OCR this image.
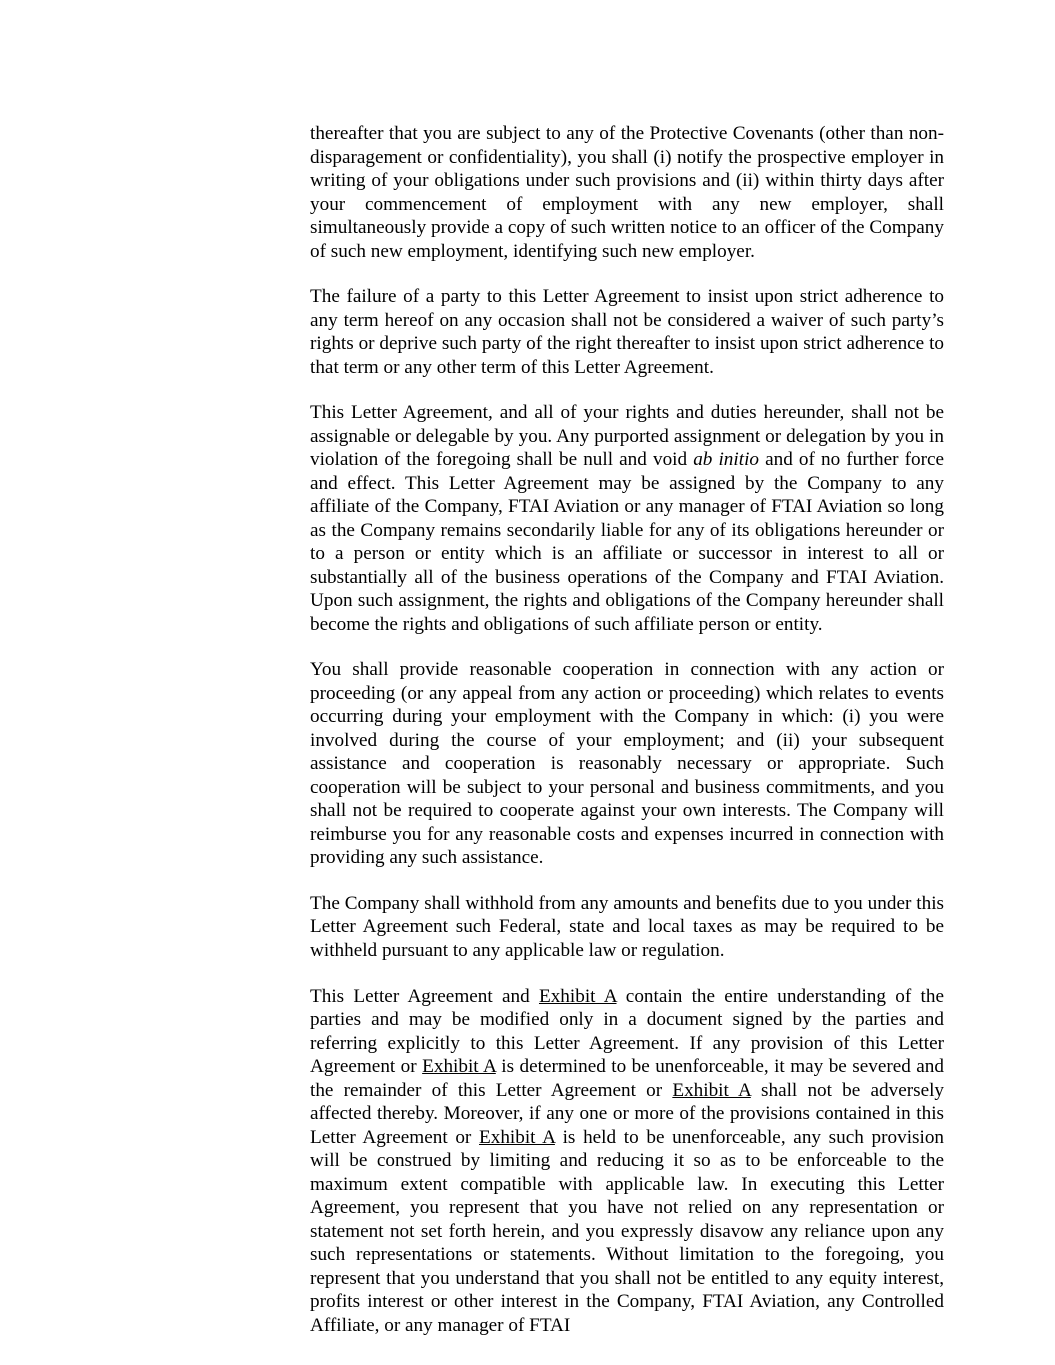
thereafter that you are subject to any of the Protective Covenants (other than non-disparagement or confidentiality), you shall (i) notify the prospective employer in writing of your obligations under such provisions and (ii) within thirty days after your commencement of employment with any new employer, shall simultaneously provide a copy of such written notice to an officer of the Company of such new employment, identifying such new employer.

The failure of a party to this Letter Agreement to insist upon strict adherence to any term hereof on any occasion shall not be considered a waiver of such party’s rights or deprive such party of the right thereafter to insist upon strict adherence to that term or any other term of this Letter Agreement.

This Letter Agreement, and all of your rights and duties hereunder, shall not be assignable or delegable by you. Any purported assignment or delegation by you in violation of the foregoing shall be null and void ab initio and of no further force and effect. This Letter Agreement may be assigned by the Company to any affiliate of the Company, FTAI Aviation or any manager of FTAI Aviation so long as the Company remains secondarily liable for any of its obligations hereunder or to a person or entity which is an affiliate or successor in interest to all or substantially all of the business operations of the Company and FTAI Aviation. Upon such assignment, the rights and obligations of the Company hereunder shall become the rights and obligations of such affiliate person or entity.

You shall provide reasonable cooperation in connection with any action or proceeding (or any appeal from any action or proceeding) which relates to events occurring during your employment with the Company in which: (i) you were involved during the course of your employment; and (ii) your subsequent assistance and cooperation is reasonably necessary or appropriate. Such cooperation will be subject to your personal and business commitments, and you shall not be required to cooperate against your own interests. The Company will reimburse you for any reasonable costs and expenses incurred in connection with providing any such assistance.

The Company shall withhold from any amounts and benefits due to you under this Letter Agreement such Federal, state and local taxes as may be required to be withheld pursuant to any applicable law or regulation.

This Letter Agreement and Exhibit A contain the entire understanding of the parties and may be modified only in a document signed by the parties and referring explicitly to this Letter Agreement. If any provision of this Letter Agreement or Exhibit A is determined to be unenforceable, it may be severed and the remainder of this Letter Agreement or Exhibit A shall not be adversely affected thereby. Moreover, if any one or more of the provisions contained in this Letter Agreement or Exhibit A is held to be unenforceable, any such provision will be construed by limiting and reducing it so as to be enforceable to the maximum extent compatible with applicable law. In executing this Letter Agreement, you represent that you have not relied on any representation or statement not set forth herein, and you expressly disavow any reliance upon any such representations or statements. Without limitation to the foregoing, you represent that you understand that you shall not be entitled to any equity interest, profits interest or other interest in the Company, FTAI Aviation, any Controlled Affiliate, or any manager of FTAI
